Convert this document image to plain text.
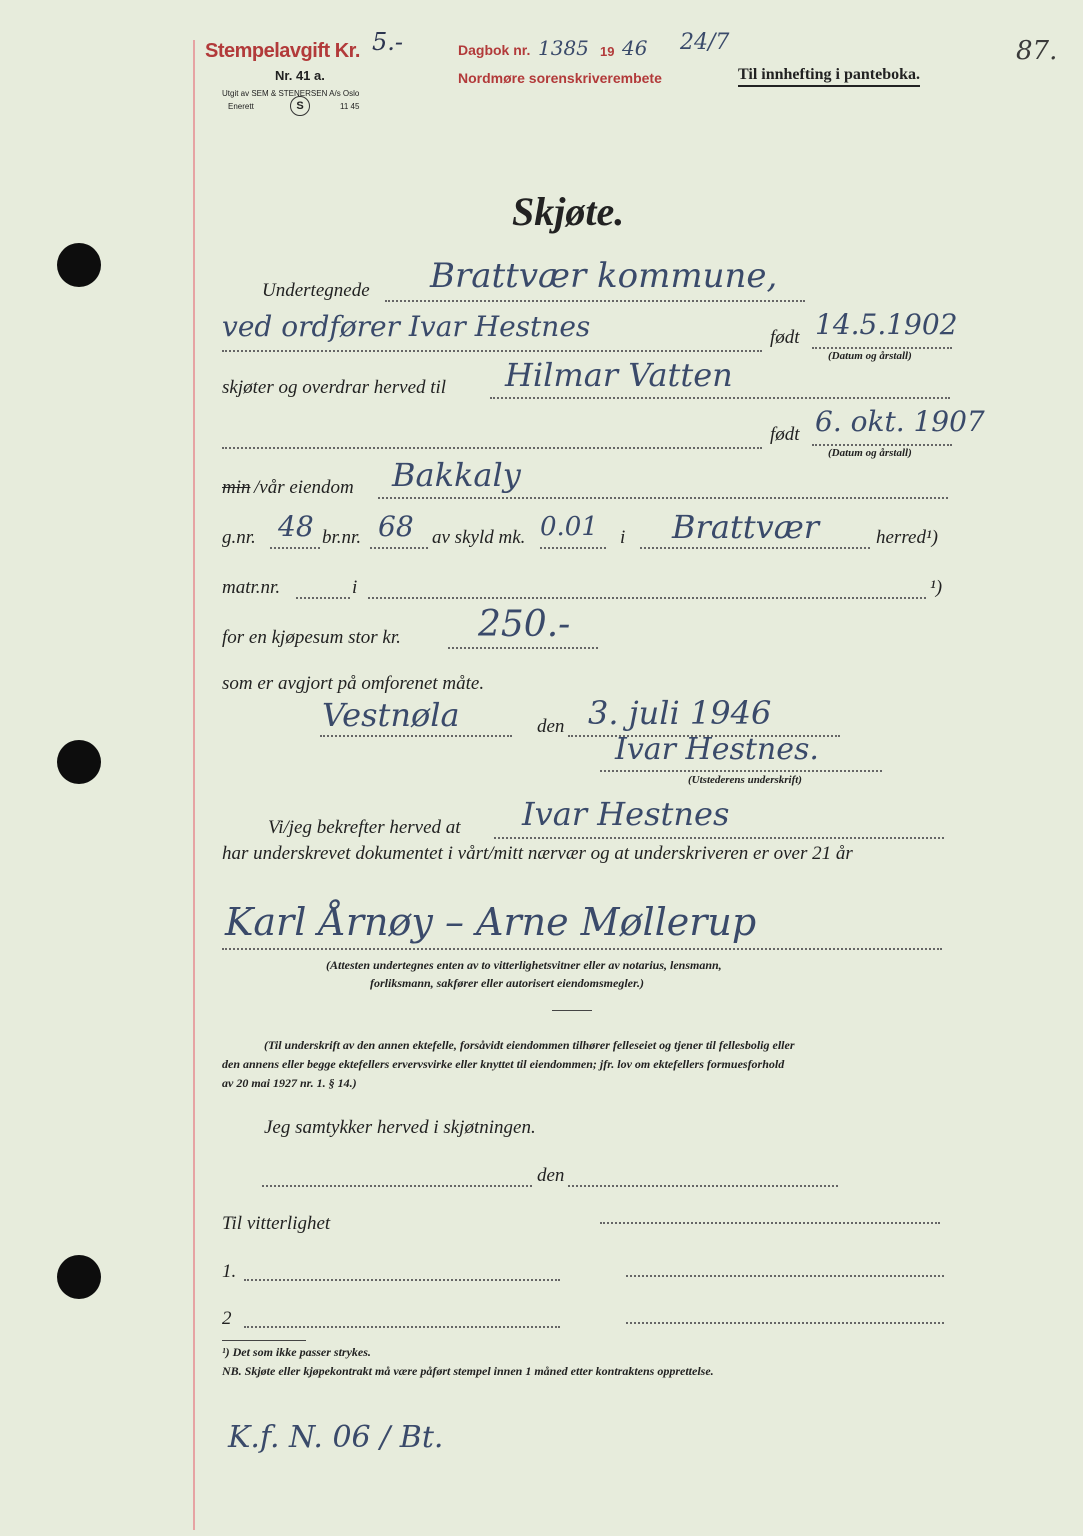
Stempelavgift Kr. 5.-
Nr. 41 a.
Utgit av SEM & STENERSEN A/s Oslo
Enerett	S	11 45
Dagbok nr. 1385 19 46 24/7
Nordmøre sorenskriverembete	Til innhefting i panteboka.
87.
Skjøte.
Undertegnede Brattvær kommune,
ved ordfører Ivar Hestnes	født 14.5.1902
(Datum og årstall)
skjøter og overdrar herved til Hilmar Vatten
født 6. okt. 1907
(Datum og årstall)
min /vår eiendom Bakkaly
g.nr. 48 br.nr. 68 av skyld mk. 0.01 i Brattvær	herred¹)
matr.nr.	i	¹)
for en kjøpesum stor kr. 250.-
som er avgjort på omforenet måte.
Vestnøla	den 3. juli 1946
Ivar Hestnes.
(Utstederens underskrift)
Vi/jeg bekrefter herved at Ivar Hestnes
har underskrevet dokumentet i vårt/mitt nærvær og at underskriveren er over 21 år
Karl Årnøy – Arne Møllerup
(Attesten undertegnes enten av to vitterlighetsvitner eller av notarius, lensmann,
forliksmann, sakfører eller autorisert eiendomsmegler.)
(Til underskrift av den annen ektefelle, forsåvidt eiendommen tilhører felleseiet og tjener til fellesbolig eller
den annens eller begge ektefellers ervervsvirke eller knyttet til eiendommen; jfr. lov om ektefellers formuesforhold
av 20 mai 1927 nr. 1. § 14.)
Jeg samtykker herved i skjøtningen.
den
Til vitterlighet
1.
2
¹) Det som ikke passer strykes.
NB. Skjøte eller kjøpekontrakt må være påført stempel innen 1 måned etter kontraktens opprettelse.
K.f. N. 06 / Bt.
